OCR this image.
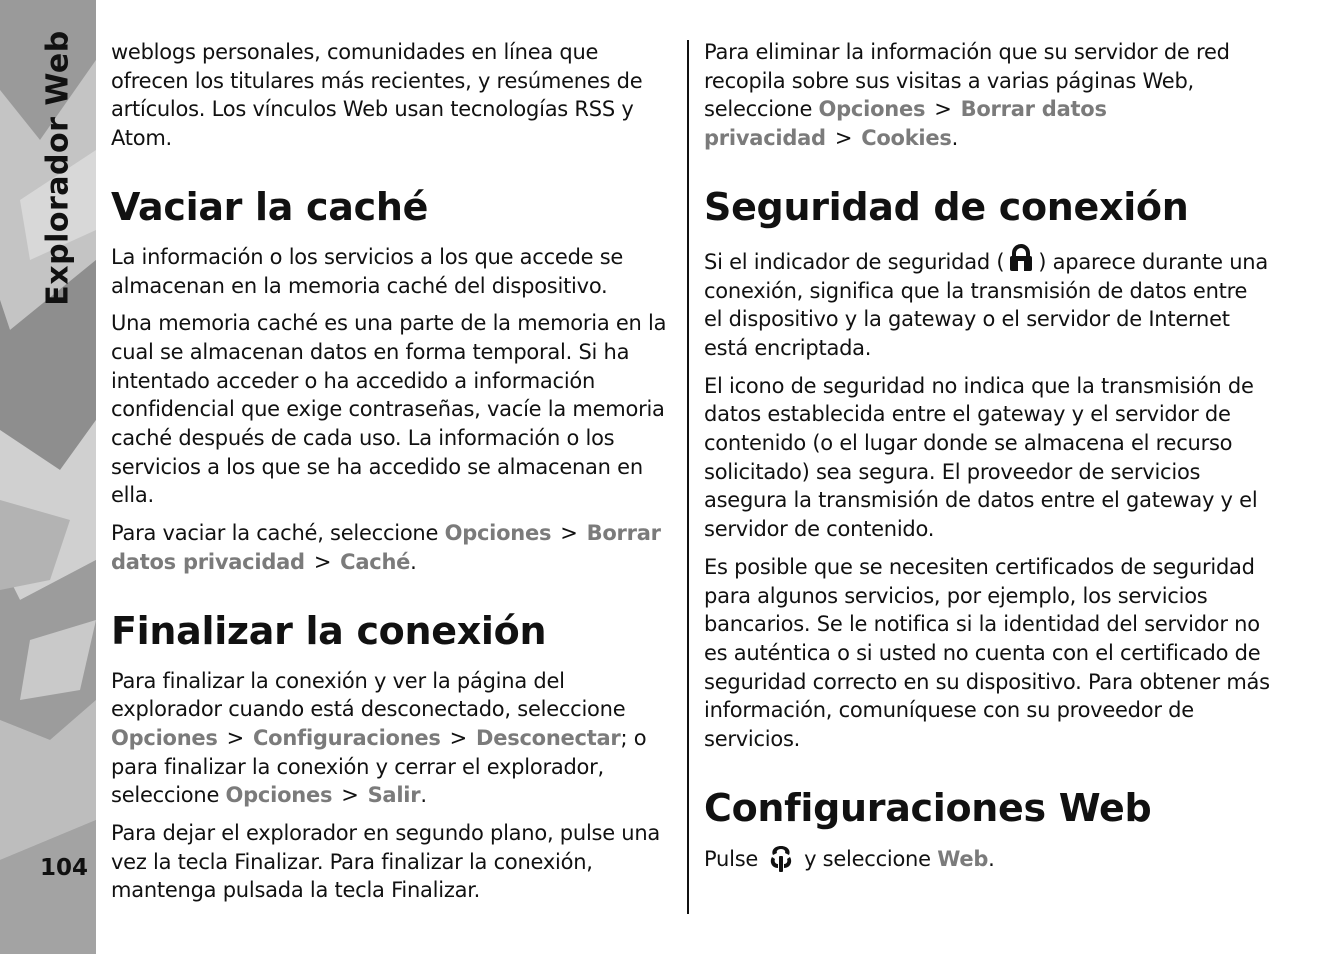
Explorador Web
104

weblogs personales, comunidades en línea que ofrecen los titulares más recientes, y resúmenes de artículos. Los vínculos Web usan tecnologías RSS y Atom.

Vaciar la caché

La información o los servicios a los que accede se almacenan en la memoria caché del dispositivo.

Una memoria caché es una parte de la memoria en la cual se almacenan datos en forma temporal. Si ha intentado acceder o ha accedido a información confidencial que exige contraseñas, vacíe la memoria caché después de cada uso. La información o los servicios a los que se ha accedido se almacenan en ella.

Para vaciar la caché, seleccione Opciones > Borrar datos privacidad > Caché.

Finalizar la conexión

Para finalizar la conexión y ver la página del explorador cuando está desconectado, seleccione Opciones > Configuraciones > Desconectar; o para finalizar la conexión y cerrar el explorador, seleccione Opciones > Salir.

Para dejar el explorador en segundo plano, pulse una vez la tecla Finalizar. Para finalizar la conexión, mantenga pulsada la tecla Finalizar.

Para eliminar la información que su servidor de red recopila sobre sus visitas a varias páginas Web, seleccione Opciones > Borrar datos privacidad > Cookies.

Seguridad de conexión

Si el indicador de seguridad ( ) aparece durante una conexión, significa que la transmisión de datos entre el dispositivo y la gateway o el servidor de Internet está encriptada.

El icono de seguridad no indica que la transmisión de datos establecida entre el gateway y el servidor de contenido (o el lugar donde se almacena el recurso solicitado) sea segura. El proveedor de servicios asegura la transmisión de datos entre el gateway y el servidor de contenido.

Es posible que se necesiten certificados de seguridad para algunos servicios, por ejemplo, los servicios bancarios. Se le notifica si la identidad del servidor no es auténtica o si usted no cuenta con el certificado de seguridad correcto en su dispositivo. Para obtener más información, comuníquese con su proveedor de servicios.

Configuraciones Web

Pulse y seleccione Web.
